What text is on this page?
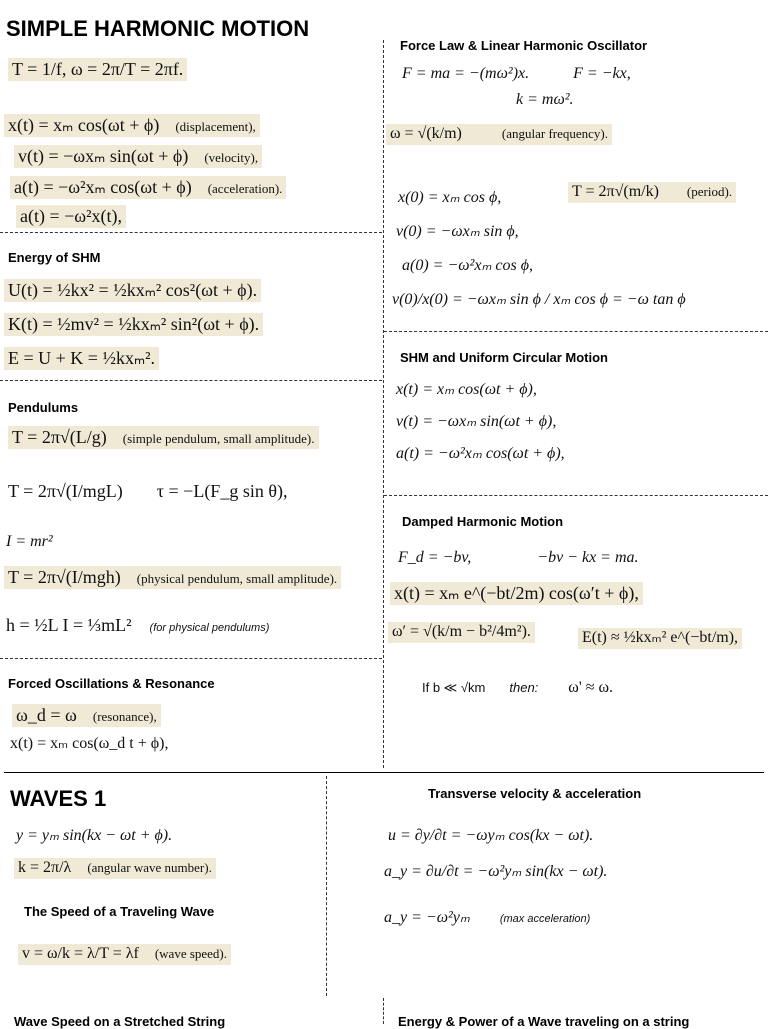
SIMPLE HARMONIC MOTION
T = 1/f, ω = 2π/T = 2πf.
x(t) = xₘ cos(ωt + ϕ) (displacement),
v(t) = −ωxₘ sin(ωt + ϕ) (velocity),
a(t) = −ω²xₘ cos(ωt + ϕ) (acceleration).
a(t) = −ω²x(t),
Energy of SHM
U(t) = ½kx² = ½kxₘ² cos²(ωt + ϕ).
K(t) = ½mv² = ½kxₘ² sin²(ωt + ϕ).
E = U + K = ½kxₘ².
Pendulums
T = 2π√(L/g) (simple pendulum, small amplitude).
T = 2π√(I/mgL) τ = −L(F_g sin θ),
I = mr²
T = 2π√(I/mgh) (physical pendulum, small amplitude).
h = ½L I = ⅓mL² (for physical pendulums)
Forced Oscillations & Resonance
ω_d = ω (resonance),
x(t) = xₘ cos(ω_d t + ϕ),
Force Law & Linear Harmonic Oscillator
F = ma = −(mω²)x.	F = −kx,
k = mω².
ω = √(k/m)	(angular frequency).
x(0) = xₘ cos ϕ,	T = 2π√(m/k) (period).
v(0) = −ωxₘ sin ϕ,
a(0) = −ω²xₘ cos ϕ,
v(0)/x(0) = −ωxₘ sin ϕ / xₘ cos ϕ = −ω tan ϕ
SHM and Uniform Circular Motion
x(t) = xₘ cos(ωt + ϕ),
v(t) = −ωxₘ sin(ωt + ϕ),
a(t) = −ω²xₘ cos(ωt + ϕ),
Damped Harmonic Motion
F_d = −bv,	−bv − kx = ma.
x(t) = xₘ e^(−bt/2m) cos(ω′t + ϕ),
ω′ = √(k/m − b²/4m²).	E(t) ≈ ½kxₘ² e^(−bt/m),
If b ≪ √km then: ω' ≈ ω.
WAVES 1
y = yₘ sin(kx − ωt + ϕ).
k = 2π/λ (angular wave number).
The Speed of a Traveling Wave
v = ω/k = λ/T = λf (wave speed).
Transverse velocity & acceleration
u = ∂y/∂t = −ωyₘ cos(kx − ωt).
a_y = ∂u/∂t = −ω²yₘ sin(kx − ωt).
a_y = −ω²yₘ	(max acceleration)
Wave Speed on a Stretched String	Energy & Power of a Wave traveling on a string
